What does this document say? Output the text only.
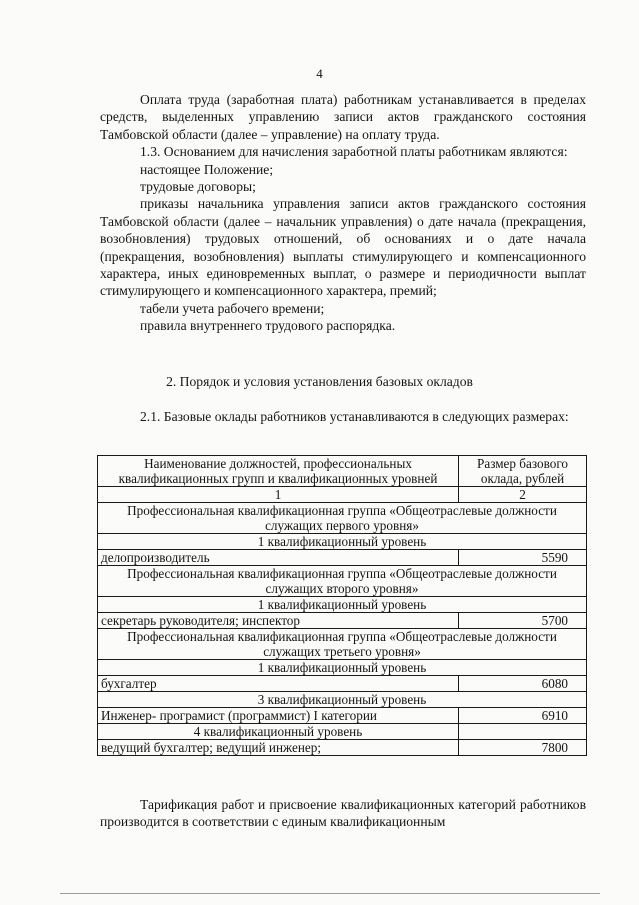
4

Оплата труда (заработная плата) работникам устанавливается в пределах средств, выделенных управлению записи актов гражданского состояния Тамбовской области (далее – управление) на оплату труда.

1.3. Основанием для начисления заработной платы работникам являются:

настоящее Положение;

трудовые договоры;

приказы начальника управления записи актов гражданского состояния Тамбовской области (далее – начальник управления) о дате начала (прекращения, возобновления) трудовых отношений, об основаниях и о дате начала (прекращения, возобновления) выплаты стимулирующего и компенсационного характера, иных единовременных выплат, о размере и периодичности выплат стимулирующего и компенсационного характера, премий;

табели учета рабочего времени;

правила внутреннего трудового распорядка.

2. Порядок и условия установления базовых окладов

2.1. Базовые оклады работников устанавливаются в следующих размерах:

Наименование должностей, профессиональных квалификационных групп и квалификационных уровней	Размер базового оклада, рублей
1	2
Профессиональная квалификационная группа «Общеотраслевые должности служащих первого уровня»	
1 квалификационный уровень	
делопроизводитель	5590
Профессиональная квалификационная группа «Общеотраслевые должности служащих второго уровня»	
1 квалификационный уровень	
секретарь руководителя; инспектор	5700
Профессиональная квалификационная группа «Общеотраслевые должности служащих третьего уровня»	
1 квалификационный уровень	
бухгалтер	6080
3 квалификационный уровень	
Инженер- програмист (программист) I категории	6910
4 квалификационный уровень	
ведущий бухгалтер; ведущий инженер;	7800

Тарификация работ и присвоение квалификационных категорий работников производится в соответствии с единым квалификационным
